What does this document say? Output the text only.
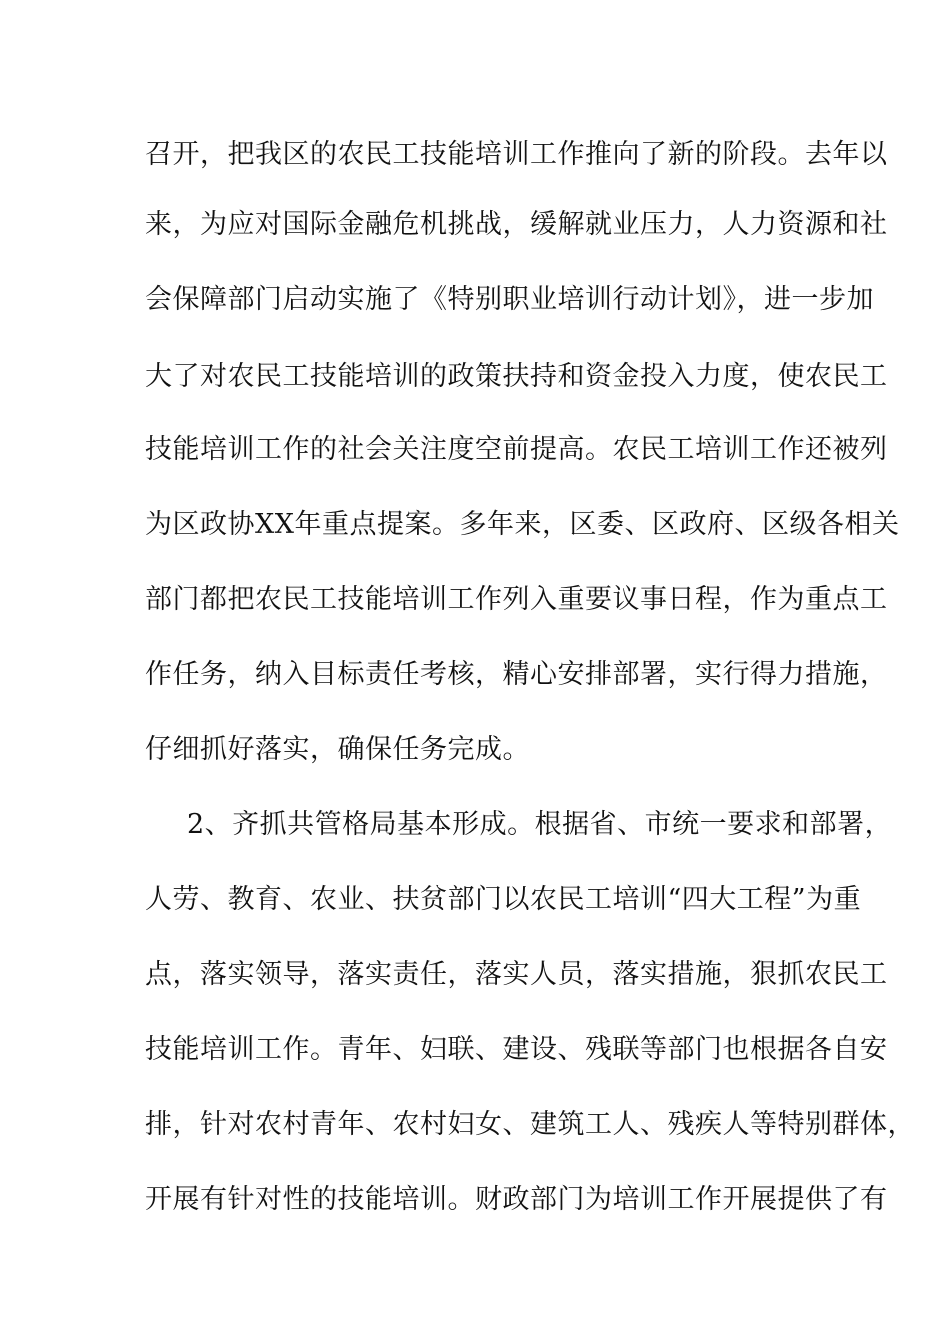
召开，把我区的农民工技能培训工作推向了新的阶段。去年以
来，为应对国际金融危机挑战，缓解就业压力，人力资源和社
会保障部门启动实施了《特别职业培训行动计划》，进一步加
大了对农民工技能培训的政策扶持和资金投入力度，使农民工
技能培训工作的社会关注度空前提高。农民工培训工作还被列
为区政协XX年重点提案。多年来，区委、区政府、区级各相关
部门都把农民工技能培训工作列入重要议事日程，作为重点工
作任务，纳入目标责任考核，精心安排部署，实行得力措施，
仔细抓好落实，确保任务完成。
2、齐抓共管格局基本形成。根据省、市统一要求和部署，
人劳、教育、农业、扶贫部门以农民工培训“四大工程”为重
点，落实领导，落实责任，落实人员，落实措施，狠抓农民工
技能培训工作。青年、妇联、建设、残联等部门也根据各自安
排，针对农村青年、农村妇女、建筑工人、残疾人等特别群体，
开展有针对性的技能培训。财政部门为培训工作开展提供了有
